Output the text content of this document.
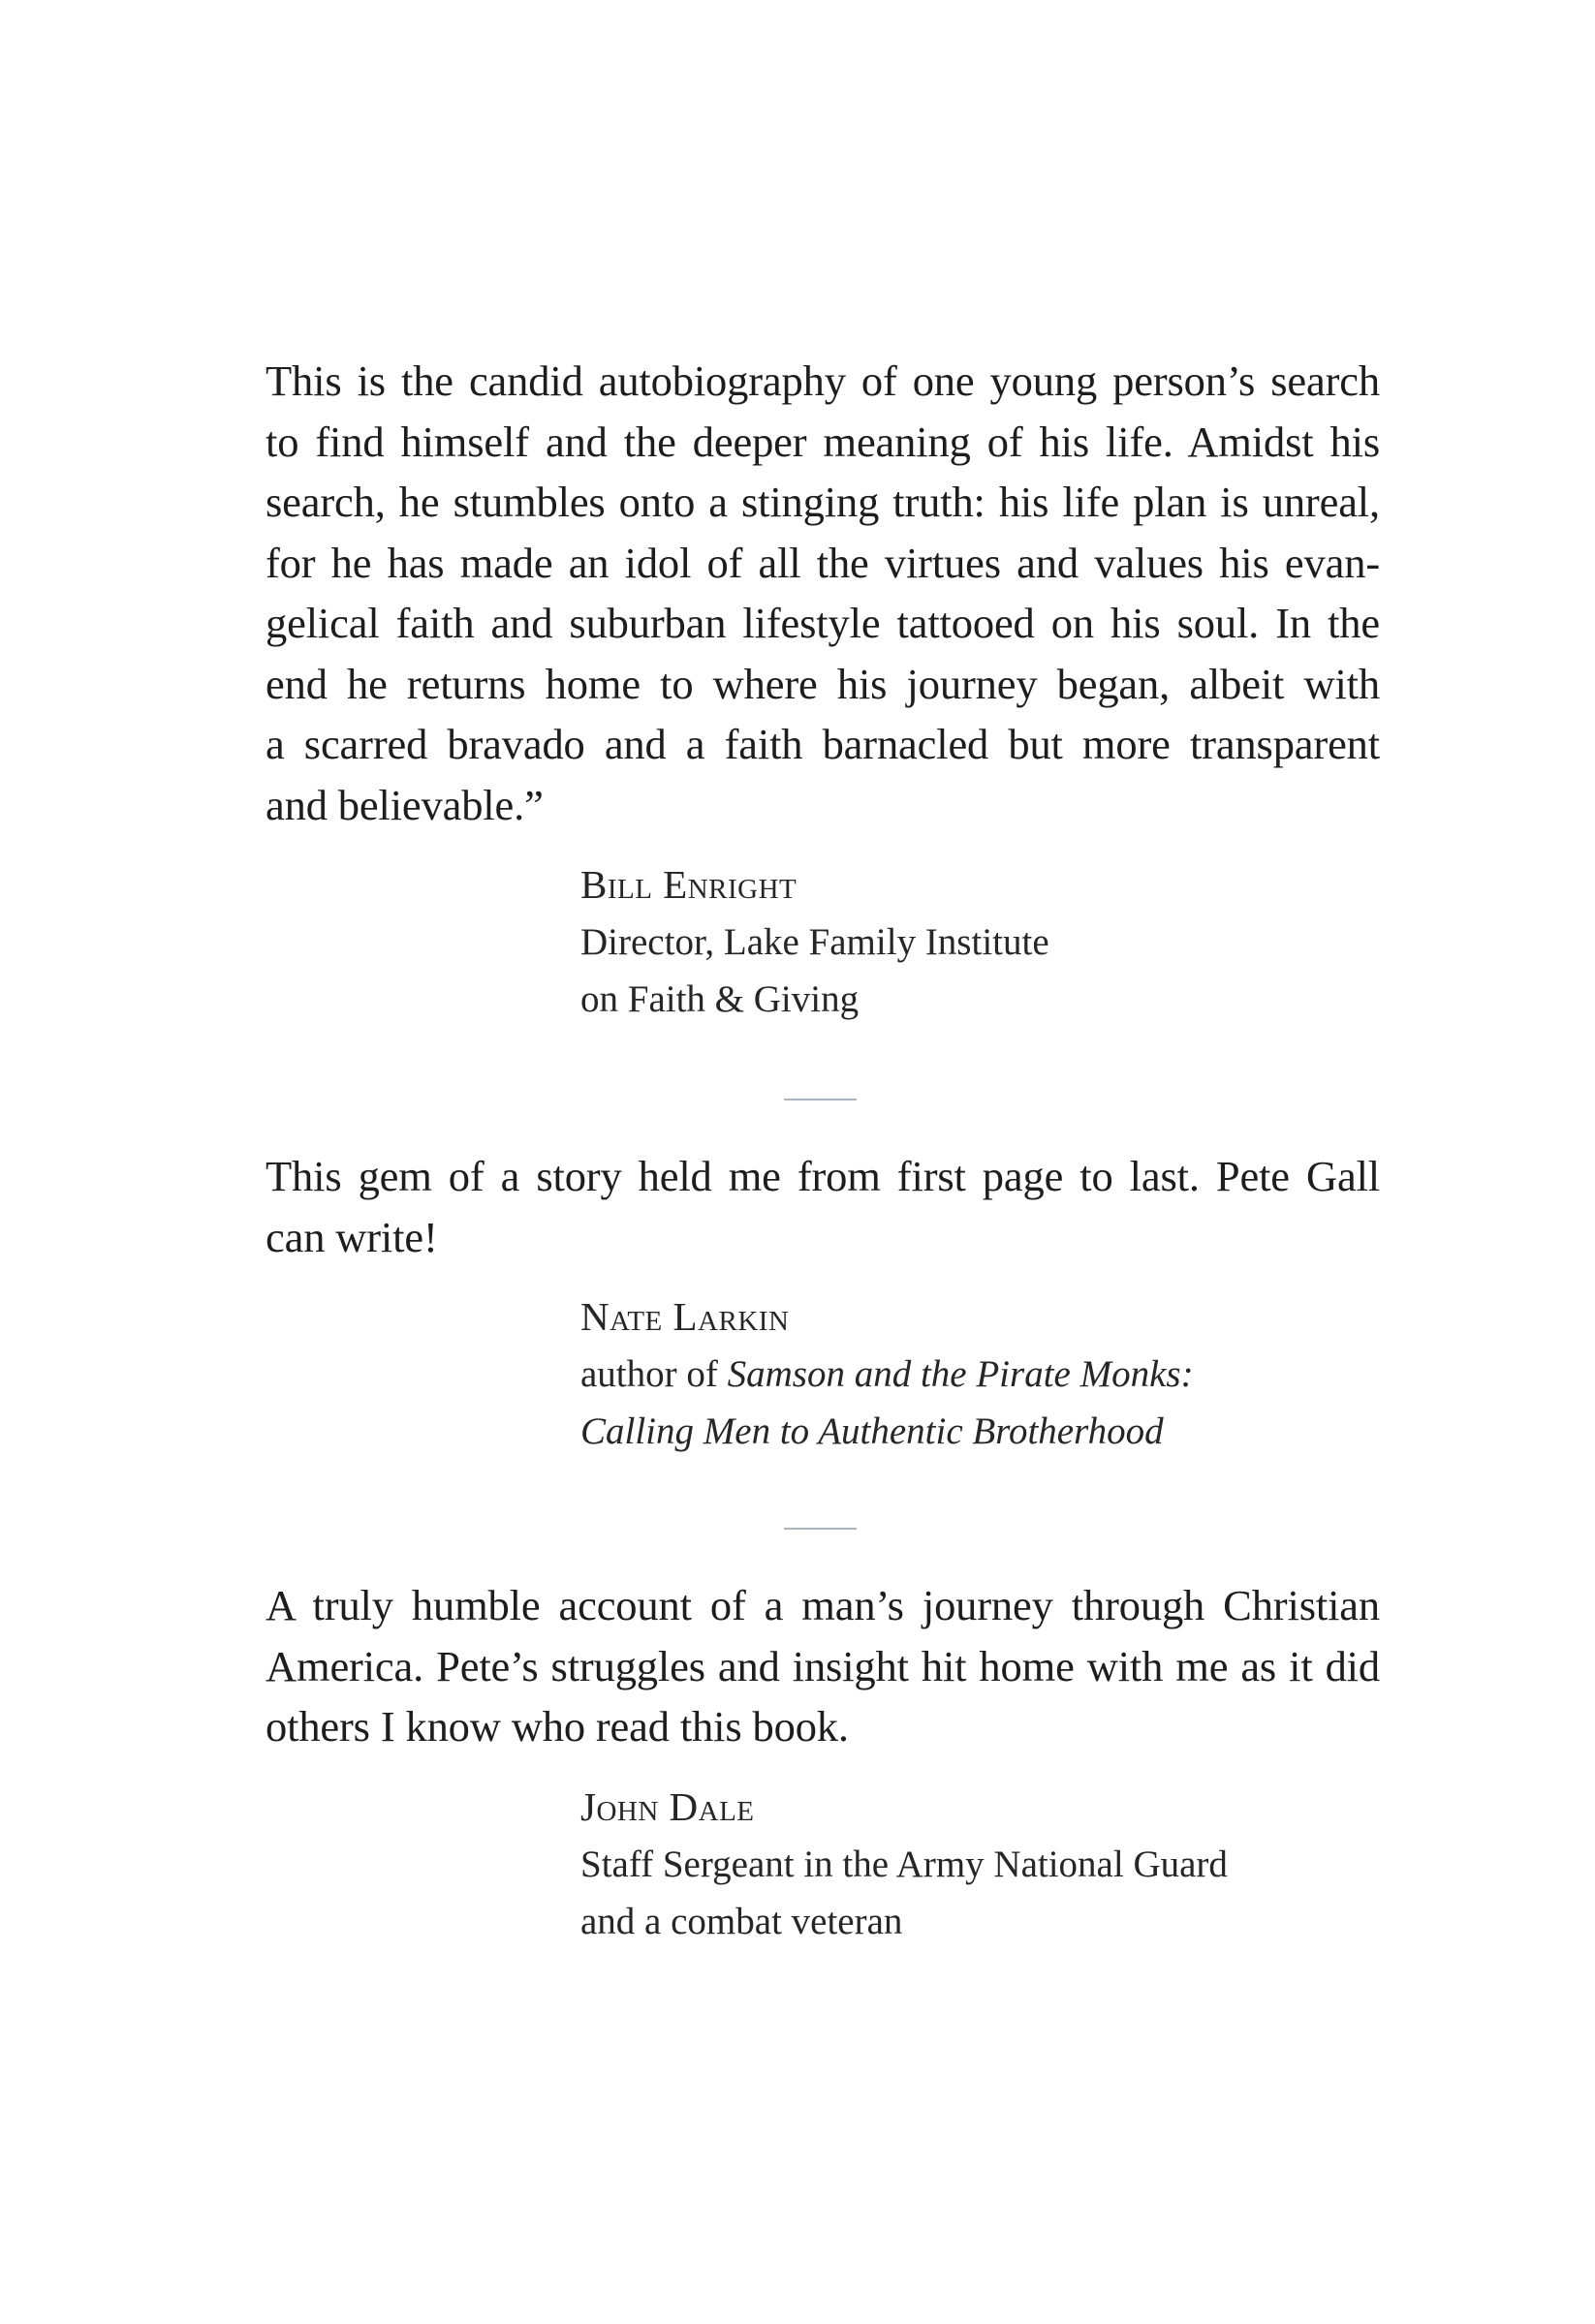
This is the candid autobiography of one young person’s search
to find himself and the deeper meaning of his life. Amidst his
search, he stumbles onto a stinging truth: his life plan is unreal,
for he has made an idol of all the virtues and values his evan-
gelical faith and suburban lifestyle tattooed on his soul. In the
end he returns home to where his journey began, albeit with
a scarred bravado and a faith barnacled but more transparent
and believable.”

Bill Enright
Director, Lake Family Institute
on Faith & Giving

This gem of a story held me from first page to last. Pete Gall
can write!

Nate Larkin
author of Samson and the Pirate Monks:
Calling Men to Authentic Brotherhood

A truly humble account of a man’s journey through Christian
America. Pete’s struggles and insight hit home with me as it did
others I know who read this book.

John Dale
Staff Sergeant in the Army National Guard
and a combat veteran
